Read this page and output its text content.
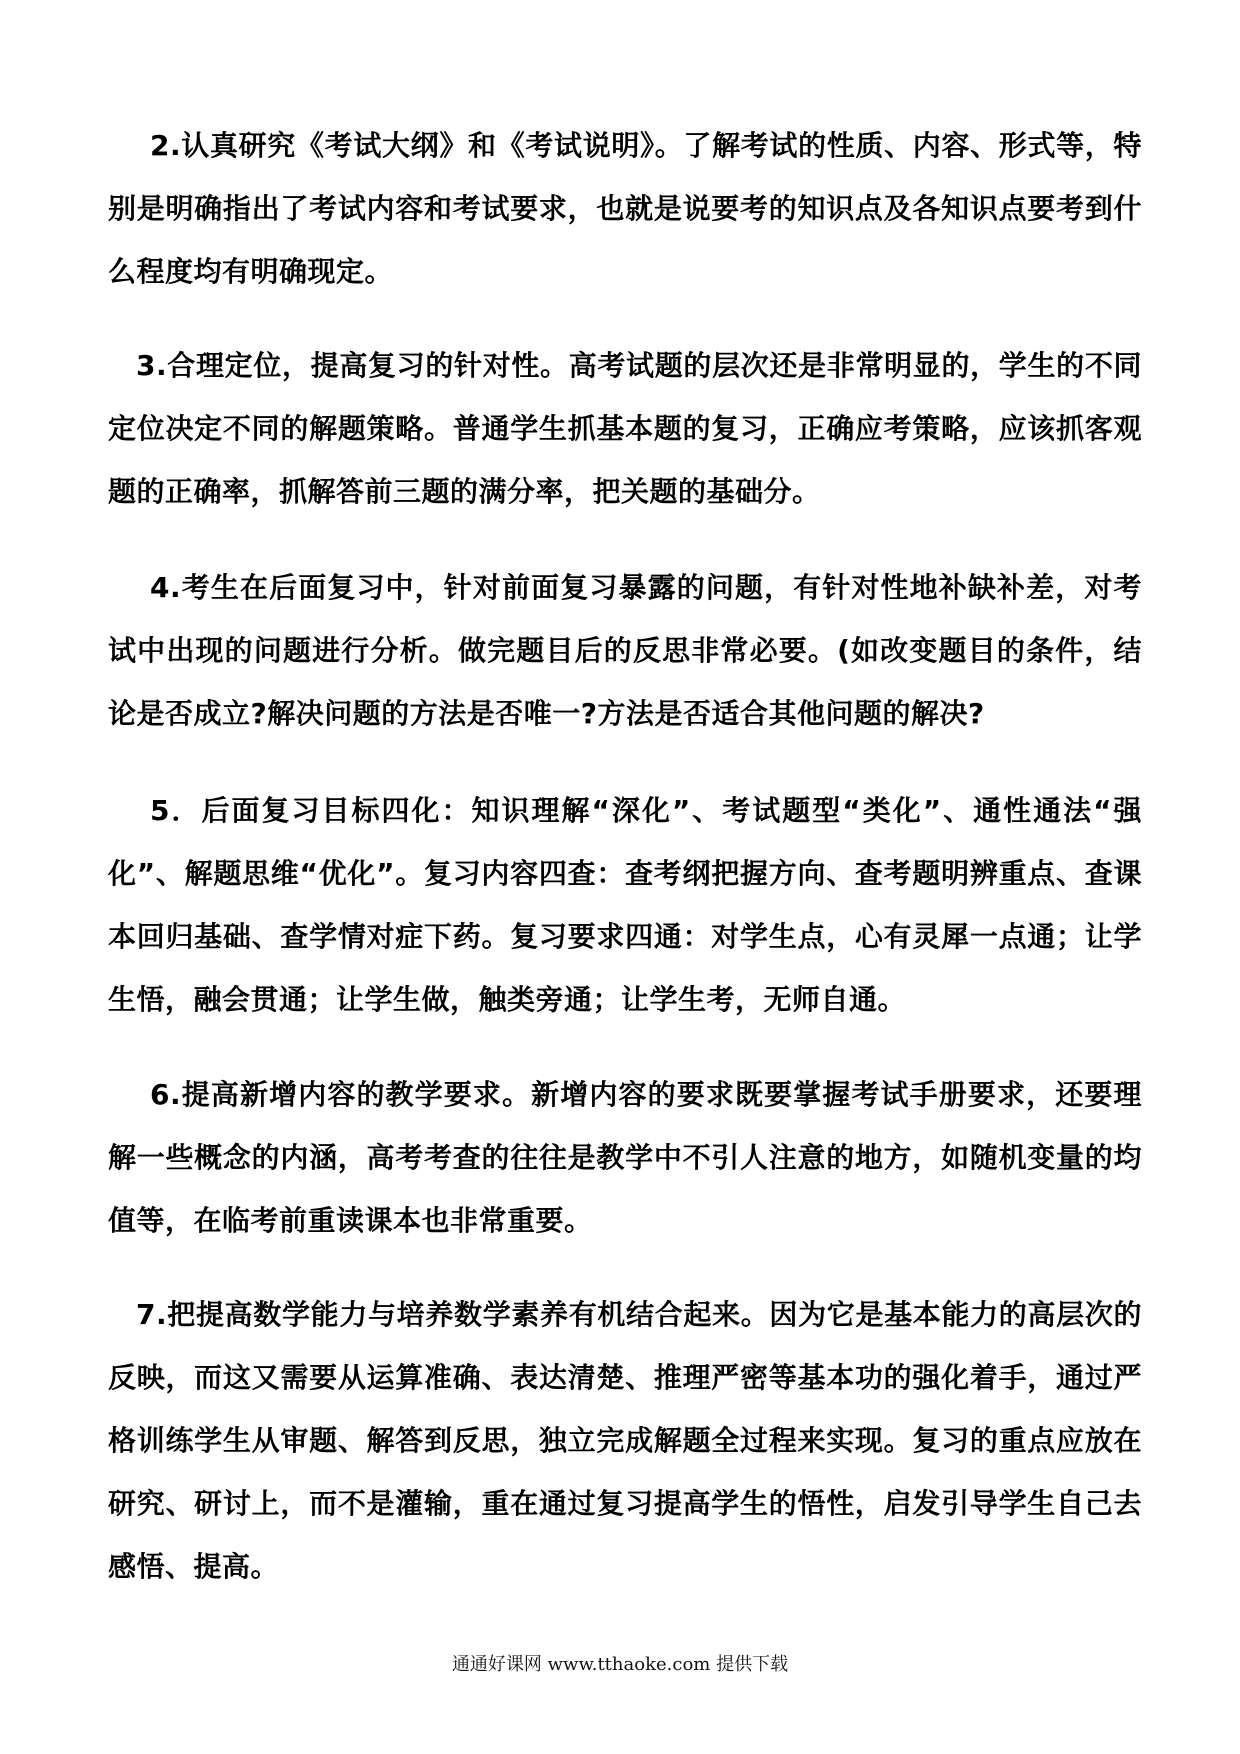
2.认真研究《考试大纲》和《考试说明》。了解考试的性质、内容、形式等，特别是明确指出了考试内容和考试要求，也就是说要考的知识点及各知识点要考到什么程度均有明确现定。

3.合理定位，提高复习的针对性。高考试题的层次还是非常明显的，学生的不同定位决定不同的解题策略。普通学生抓基本题的复习，正确应考策略，应该抓客观题的正确率，抓解答前三题的满分率，把关题的基础分。

4.考生在后面复习中，针对前面复习暴露的问题，有针对性地补缺补差，对考试中出现的问题进行分析。做完题目后的反思非常必要。(如改变题目的条件，结论是否成立?解决问题的方法是否唯一?方法是否适合其他问题的解决?

5．后面复习目标四化：知识理解“深化”、考试题型“类化”、通性通法“强化”、解题思维“优化”。复习内容四查：查考纲把握方向、查考题明辨重点、查课本回归基础、查学情对症下药。复习要求四通：对学生点，心有灵犀一点通；让学生悟，融会贯通；让学生做，触类旁通；让学生考，无师自通。

6.提高新增内容的教学要求。新增内容的要求既要掌握考试手册要求，还要理解一些概念的内涵，高考考查的往往是教学中不引人注意的地方，如随机变量的均值等，在临考前重读课本也非常重要。

7.把提高数学能力与培养数学素养有机结合起来。因为它是基本能力的高层次的反映，而这又需要从运算准确、表达清楚、推理严密等基本功的强化着手，通过严格训练学生从审题、解答到反思，独立完成解题全过程来实现。复习的重点应放在研究、研讨上，而不是灌输，重在通过复习提高学生的悟性，启发引导学生自己去感悟、提高。

通通好课网 www.tthaoke.com 提供下载
